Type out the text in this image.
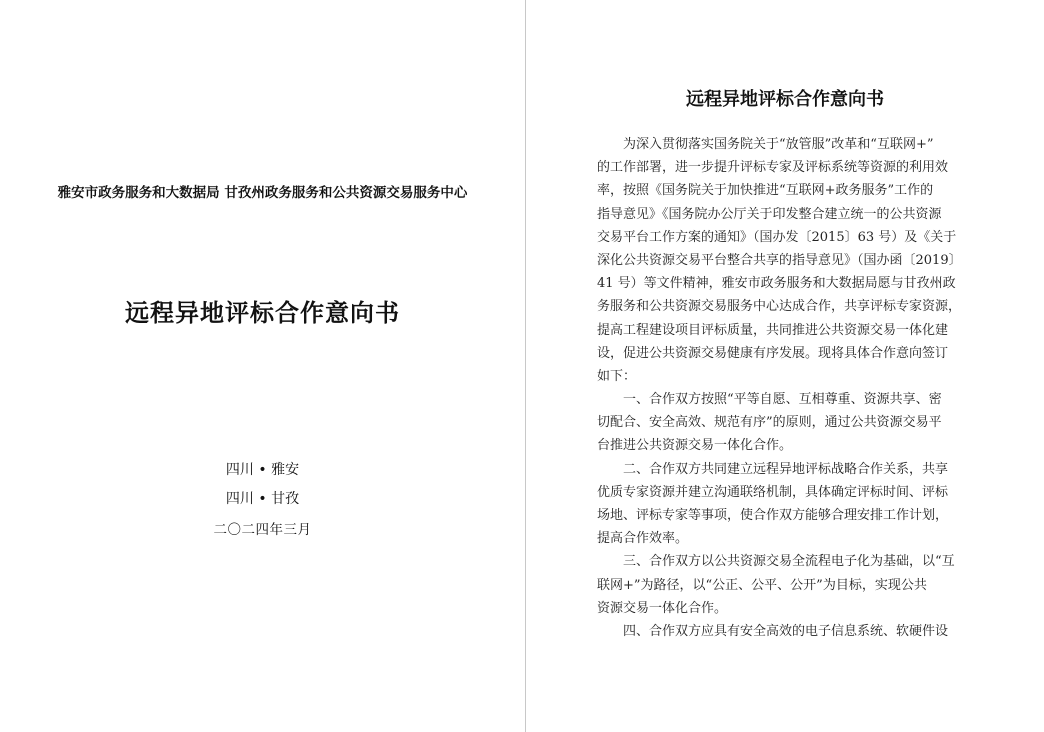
雅安市政务服务和大数据局 甘孜州政务服务和公共资源交易服务中心
远程异地评标合作意向书
四川 • 雅安
四川 • 甘孜
二〇二四年三月
远程异地评标合作意向书
　　为深入贯彻落实国务院关于“放管服”改革和“互联网+”
的工作部署，进一步提升评标专家及评标系统等资源的利用效
率，按照《国务院关于加快推进“互联网+政务服务”工作的
指导意见》《国务院办公厅关于印发整合建立统一的公共资源
交易平台工作方案的通知》（国办发〔2015〕63 号）及《关于
深化公共资源交易平台整合共享的指导意见》（国办函〔2019〕
41 号）等文件精神，雅安市政务服务和大数据局愿与甘孜州政
务服务和公共资源交易服务中心达成合作，共享评标专家资源，
提高工程建设项目评标质量，共同推进公共资源交易一体化建
设，促进公共资源交易健康有序发展。现将具体合作意向签订
如下：
　　一、合作双方按照“平等自愿、互相尊重、资源共享、密
切配合、安全高效、规范有序”的原则，通过公共资源交易平
台推进公共资源交易一体化合作。
　　二、合作双方共同建立远程异地评标战略合作关系，共享
优质专家资源并建立沟通联络机制，具体确定评标时间、评标
场地、评标专家等事项，使合作双方能够合理安排工作计划，
提高合作效率。
　　三、合作双方以公共资源交易全流程电子化为基础，以“互
联网+”为路径，以“公正、公平、公开”为目标，实现公共
资源交易一体化合作。
　　四、合作双方应具有安全高效的电子信息系统、软硬件设
